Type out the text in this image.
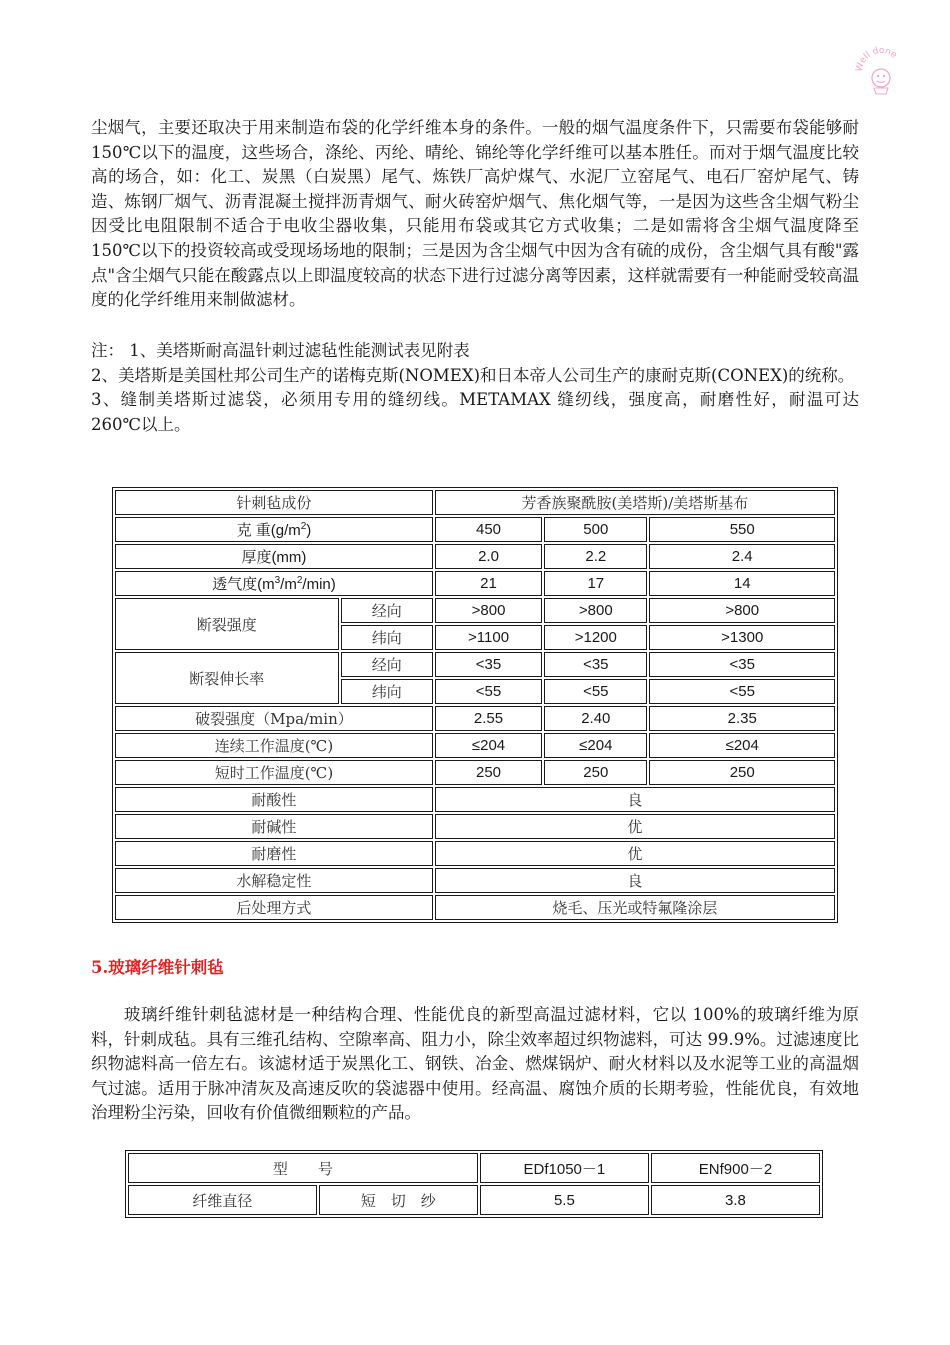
Well done

尘烟气，主要还取决于用来制造布袋的化学纤维本身的条件。一般的烟气温度条件下，只需要布袋能够耐 150℃以下的温度，这些场合，涤纶、丙纶、晴纶、锦纶等化学纤维可以基本胜任。而对于烟气温度比较高的场合，如：化工、炭黑（白炭黑）尾气、炼铁厂高炉煤气、水泥厂立窑尾气、电石厂窑炉尾气、铸造、炼钢厂烟气、沥青混凝土搅拌沥青烟气、耐火砖窑炉烟气、焦化烟气等，一是因为这些含尘烟气粉尘因受比电阻限制不适合于电收尘器收集，只能用布袋或其它方式收集；二是如需将含尘烟气温度降至 150℃以下的投资较高或受现场场地的限制；三是因为含尘烟气中因为含有硫的成份，含尘烟气具有酸"露点"含尘烟气只能在酸露点以上即温度较高的状态下进行过滤分离等因素，这样就需要有一种能耐受较高温度的化学纤维用来制做滤材。

注： 1、美塔斯耐高温针刺过滤毡性能测试表见附表

2、美塔斯是美国杜邦公司生产的诺梅克斯(NOMEX)和日本帝人公司生产的康耐克斯(CONEX)的统称。

3、缝制美塔斯过滤袋，必须用专用的缝纫线。METAMAX 缝纫线，强度高，耐磨性好，耐温可达 260℃以上。

针刺毡成份		芳香族聚酰胺(美塔斯)/美塔斯基布		
克 重$(g/m^2)$		450	500	550
厚度(mm)		2.0	2.2	2.4
透气度$(m^3/m^2/\min)$		21	17	14
断裂强度	经向	>800	>800	>800
	纬向	>1100	>1200	>1300
断裂伸长率	经向	<35	<35	<35
	纬向	<55	<55	<55
破裂强度（Mpa/min）		2.55	2.40	2.35
连续工作温度(℃)		≤204	≤204	≤204
短时工作温度(℃)		250	250	250
耐酸性		良		
耐碱性		优		
耐磨性		优		
水解稳定性		良		
后处理方式		烧毛、压光或特氟隆涂层		
5.玻璃纤维针刺毡

玻璃纤维针刺毡滤材是一种结构合理、性能优良的新型高温过滤材料，它以 100%的玻璃纤维为原料，针刺成毡。具有三维孔结构、空隙率高、阻力小，除尘效率超过织物滤料，可达 99.9%。过滤速度比织物滤料高一倍左右。该滤材适于炭黑化工、钢铁、冶金、燃煤锅炉、耐火材料以及水泥等工业的高温烟气过滤。适用于脉冲清灰及高速反吹的袋滤器中使用。经高温、腐蚀介质的长期考验，性能优良，有效地治理粉尘污染，回收有价值微细颗粒的产品。

型　　号		EDf1050－1	ENf900－2
纤维直径	短　切　纱	5.5	3.8
